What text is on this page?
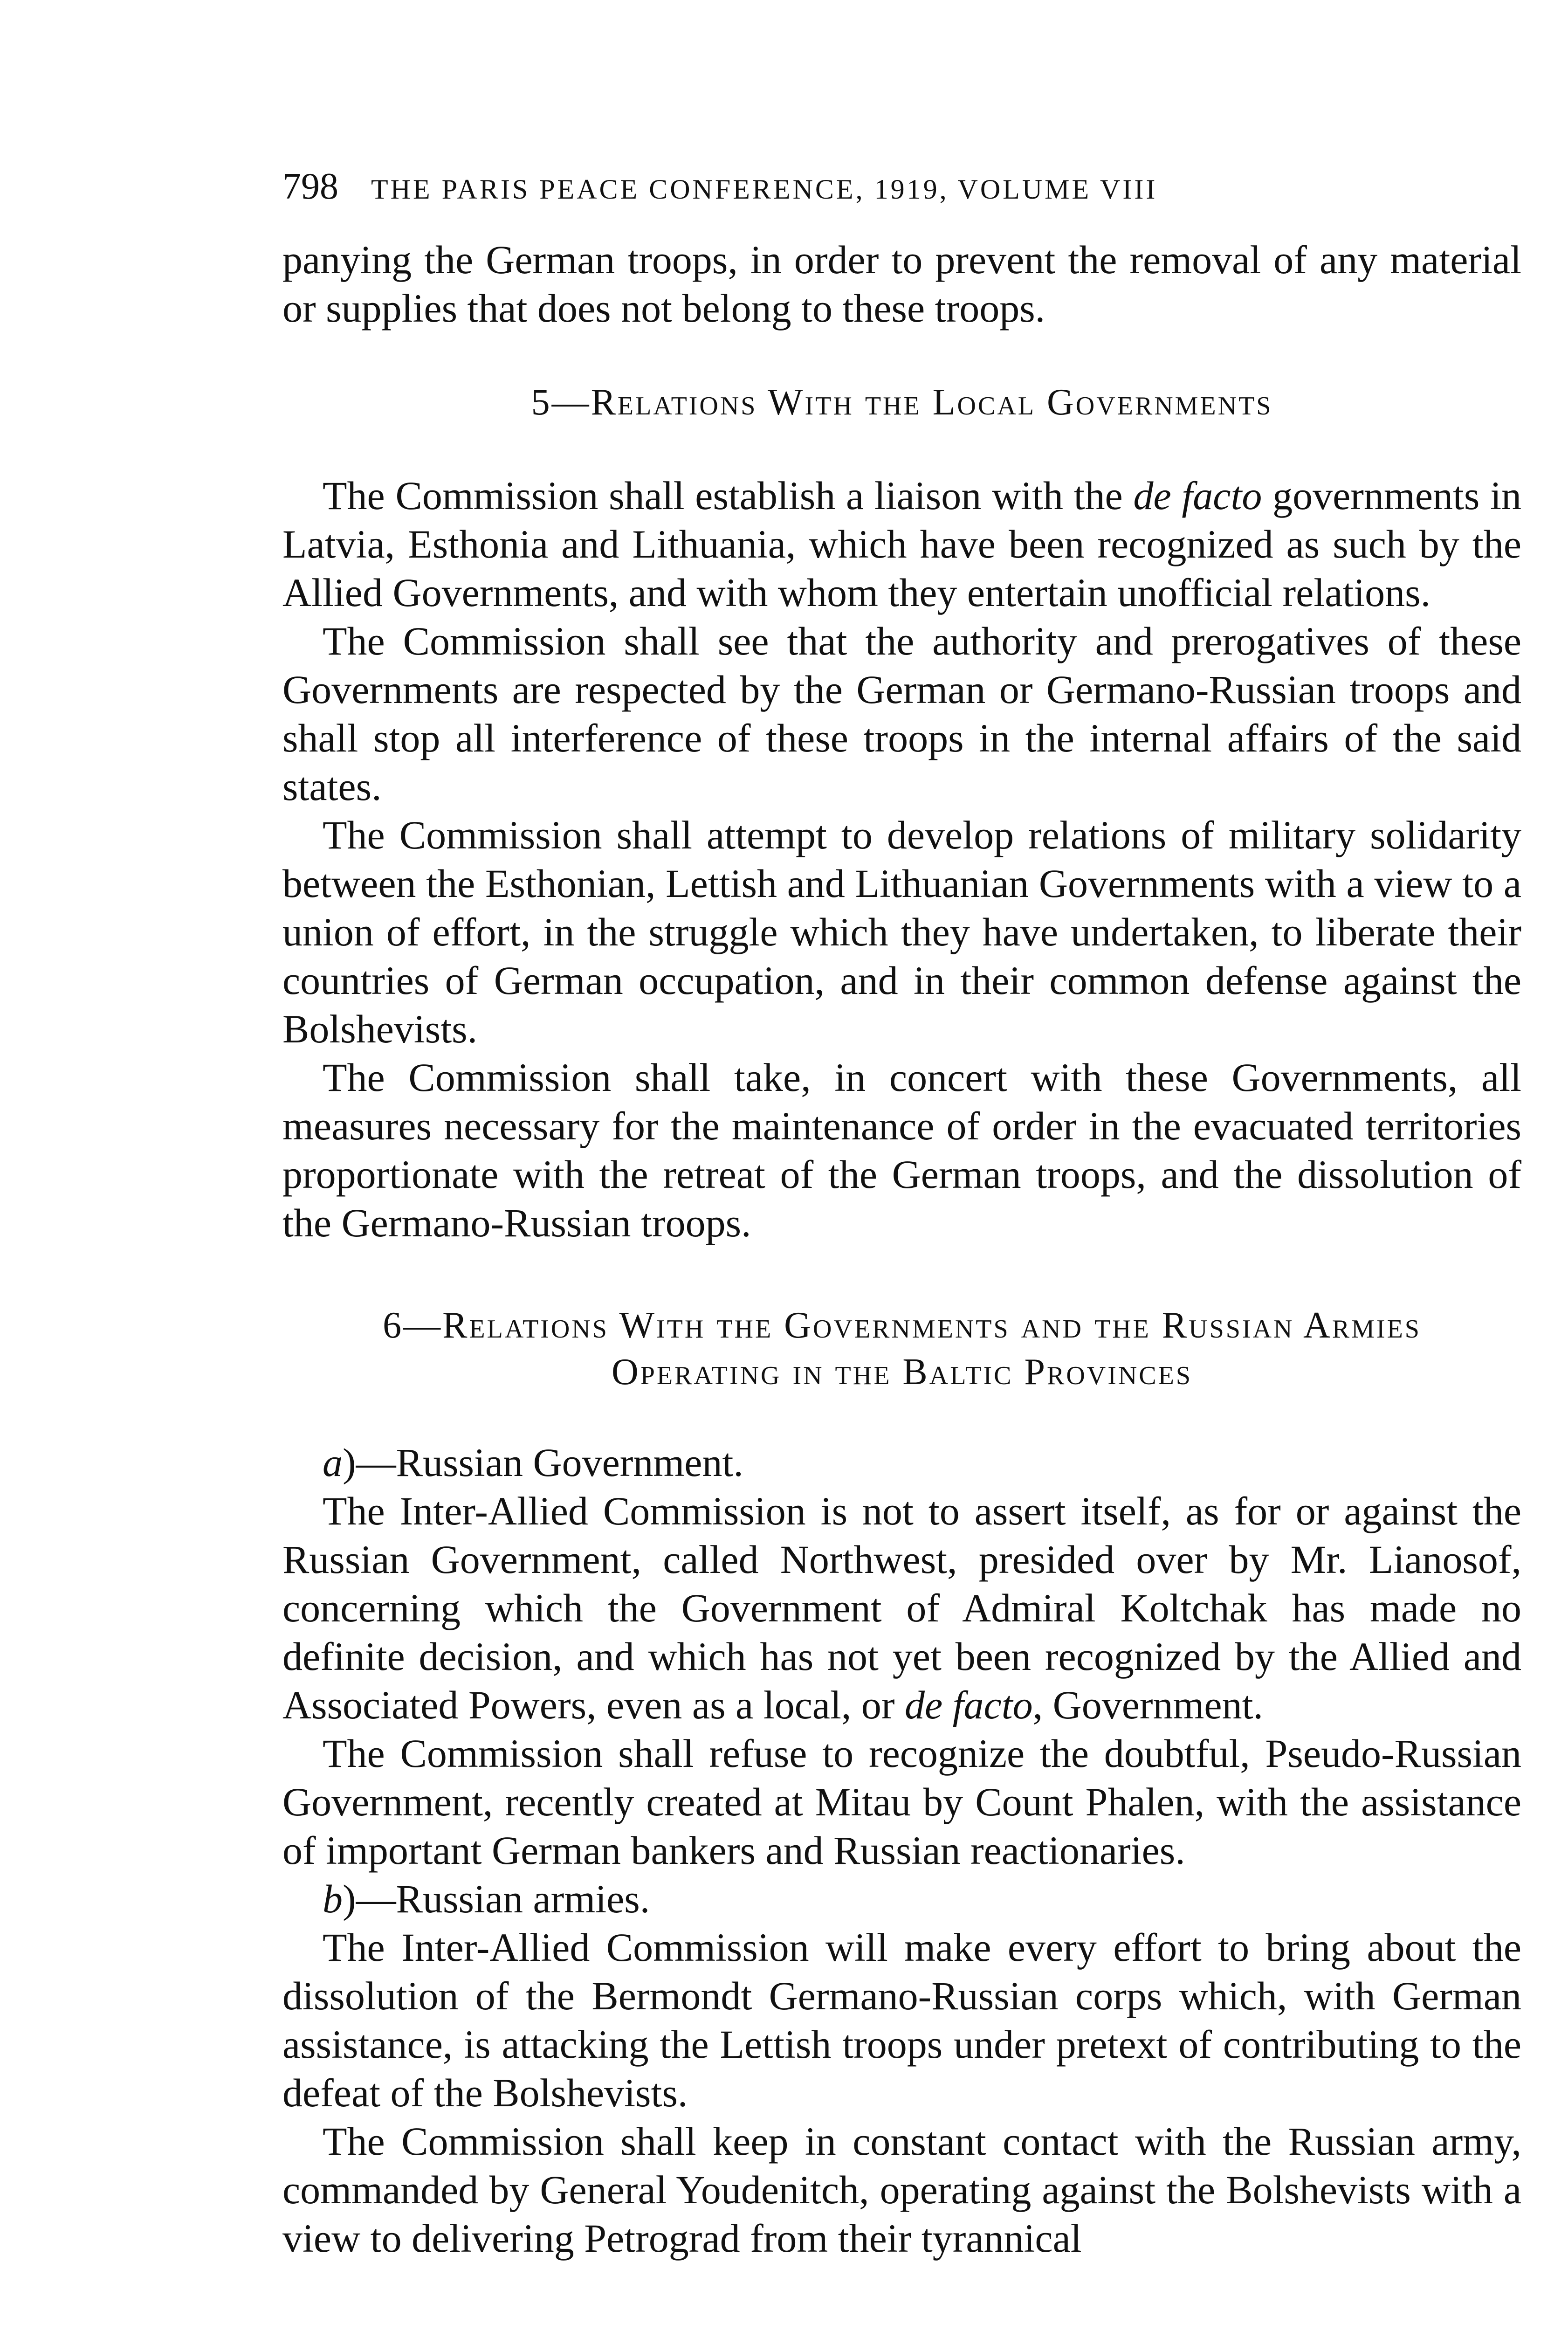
798 THE PARIS PEACE CONFERENCE, 1919, VOLUME VIII

panying the German troops, in order to prevent the removal of any material or supplies that does not belong to these troops.

5—Relations With the Local Governments

The Commission shall establish a liaison with the de facto governments in Latvia, Esthonia and Lithuania, which have been recognized as such by the Allied Governments, and with whom they entertain unofficial relations.

The Commission shall see that the authority and prerogatives of these Governments are respected by the German or Germano-Russian troops and shall stop all interference of these troops in the internal affairs of the said states.

The Commission shall attempt to develop relations of military solidarity between the Esthonian, Lettish and Lithuanian Governments with a view to a union of effort, in the struggle which they have undertaken, to liberate their countries of German occupation, and in their common defense against the Bolshevists.

The Commission shall take, in concert with these Governments, all measures necessary for the maintenance of order in the evacuated territories proportionate with the retreat of the German troops, and the dissolution of the Germano-Russian troops.

6—Relations With the Governments and the Russian Armies
Operating in the Baltic Provinces

a)—Russian Government.

The Inter-Allied Commission is not to assert itself, as for or against the Russian Government, called Northwest, presided over by Mr. Lianosof, concerning which the Government of Admiral Koltchak has made no definite decision, and which has not yet been recognized by the Allied and Associated Powers, even as a local, or de facto, Government.

The Commission shall refuse to recognize the doubtful, Pseudo-Russian Government, recently created at Mitau by Count Phalen, with the assistance of important German bankers and Russian reactionaries.

b)—Russian armies.

The Inter-Allied Commission will make every effort to bring about the dissolution of the Bermondt Germano-Russian corps which, with German assistance, is attacking the Lettish troops under pretext of contributing to the defeat of the Bolshevists.

The Commission shall keep in constant contact with the Russian army, commanded by General Youdenitch, operating against the Bolshevists with a view to delivering Petrograd from their tyrannical
